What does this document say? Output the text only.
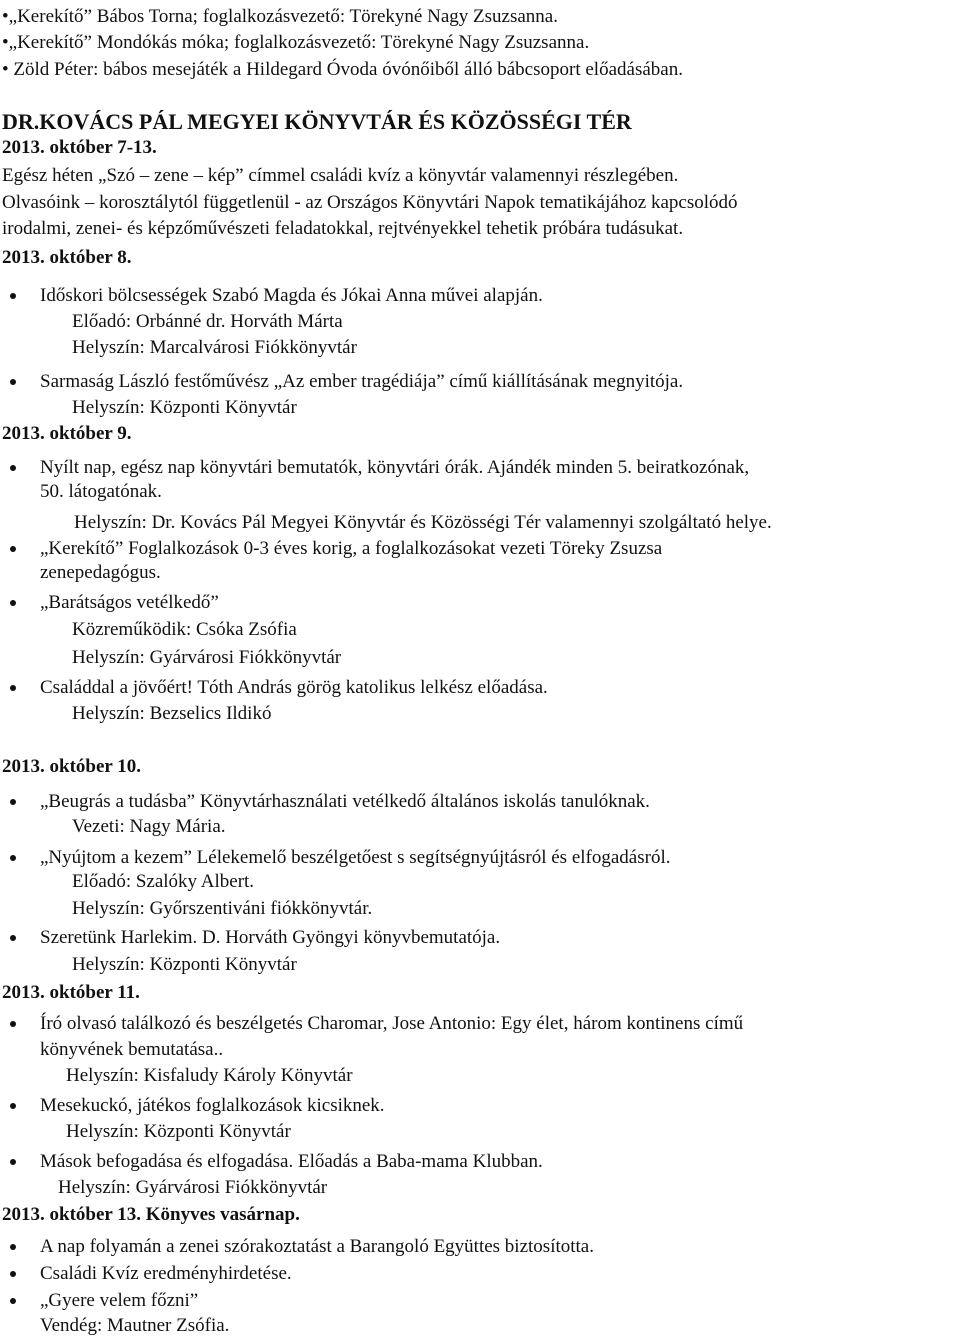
•„Kerekítő” Bábos Torna; foglalkozásvezető: Törekyné Nagy Zsuzsanna.
•„Kerekítő” Mondókás móka; foglalkozásvezető: Törekyné Nagy Zsuzsanna.
• Zöld Péter: bábos mesejáték a Hildegard Óvoda óvónőiből álló bábcsoport előadásában.
DR.KOVÁCS PÁL MEGYEI KÖNYVTÁR ÉS KÖZÖSSÉGI TÉR
2013. október 7-13.
Egész héten „Szó – zene – kép” címmel családi kvíz a könyvtár valamennyi részlegében.
Olvasóink – korosztálytól függetlenül - az Országos Könyvtári Napok tematikájához kapcsolódó
irodalmi, zenei- és képzőművészeti feladatokkal, rejtvényekkel tehetik próbára tudásukat.
2013. október 8.
Időskori bölcsességek Szabó Magda és Jókai Anna művei alapján.
Előadó: Orbánné dr. Horváth Márta
Helyszín: Marcalvárosi Fiókkönyvtár
Sarmaság László festőművész „Az ember tragédiája” című kiállításának megnyitója.
Helyszín: Központi Könyvtár
2013. október 9.
Nyílt nap, egész nap könyvtári bemutatók, könyvtári órák. Ajándék minden 5. beiratkozónak,
50. látogatónak.
Helyszín: Dr. Kovács Pál Megyei Könyvtár és Közösségi Tér valamennyi szolgáltató helye.
„Kerekítő” Foglalkozások 0-3 éves korig, a foglalkozásokat vezeti Töreky Zsuzsa
zenepedagógus.
„Barátságos vetélkedő”
Közreműködik: Csóka Zsófia
Helyszín: Gyárvárosi Fiókkönyvtár
Családdal a jövőért! Tóth András görög katolikus lelkész előadása.
Helyszín: Bezselics Ildikó
2013. október 10.
„Beugrás a tudásba” Könyvtárhasználati vetélkedő általános iskolás tanulóknak.
Vezeti: Nagy Mária.
„Nyújtom a kezem” Lélekemelő beszélgetőest s segítségnyújtásról és elfogadásról.
Előadó: Szalóky Albert.
Helyszín: Győrszentiváni fiókkönyvtár.
Szeretünk Harlekim. D. Horváth Gyöngyi könyvbemutatója.
Helyszín: Központi Könyvtár
2013. október 11.
Író olvasó találkozó és beszélgetés Charomar, Jose Antonio: Egy élet, három kontinens című
könyvének bemutatása..
Helyszín: Kisfaludy Károly Könyvtár
Mesekuckó, játékos foglalkozások kicsiknek.
Helyszín: Központi Könyvtár
Mások befogadása és elfogadása. Előadás a Baba-mama Klubban.
Helyszín: Gyárvárosi Fiókkönyvtár
2013. október 13. Könyves vasárnap.
A nap folyamán a zenei szórakoztatást a Barangoló Együttes biztosította.
Családi Kvíz eredményhirdetése.
„Gyere velem főzni”
Vendég: Mautner Zsófia.
